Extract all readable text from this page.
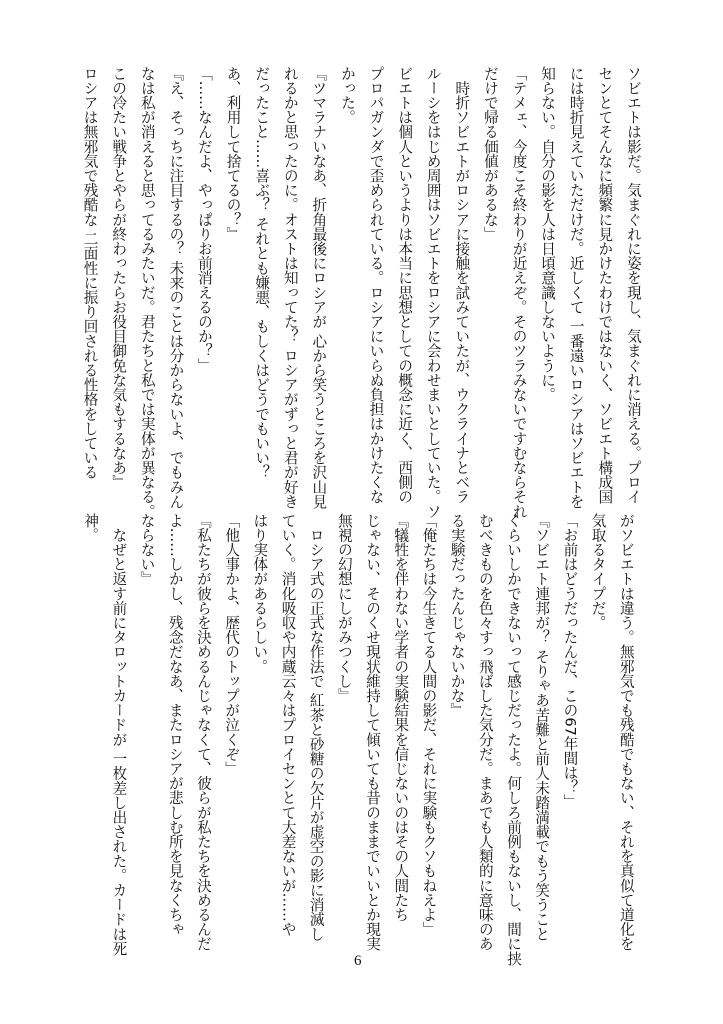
ソビエトは影だ。気まぐれに姿を現し、気まぐれに消える。プロイ
センとてそんなに頻繁に見かけたわけではないく、ソビエト構成国
には時折見えていただけだ。近しくて 一番遠いロシアはソビエトを
知らない。自分の影を人は日頃意識しないように。
「テメェ、今度こそ終わりが近えぞ。そのツラみないですむならそれ
だけで帰る価値があるな」
　時折ソビエトがロシアに接触を試みていたが、ウクライナとベラ
ルーシをはじめ周囲はソビエトをロシアに会わせまいとしていた。ソ
ビエトは個人というよりは本当に思想としての概念に近く、西側の
プロパガンダで歪められている。ロシアにいらぬ負担はかけたくな
かった。
『ツマラナいなあ、折角最後にロシアが 心から笑うところを沢山見
れるかと思ったのに。オストは知ってた？ ロシアがずっと君が好き
だったこと……喜ぶ？ それとも嫌悪、もしくはどうでもいい？
あ、利用して捨てるの？』
「……なんだよ、やっぱりお前消えるのか？」
『え、そっちに注目するの？ 未来のことは分からないよ、でもみん
なは私が消えると思ってるみたいだ。君たちと私では実体が異なる。
この冷たい戦争とやらが終わったらお役目御免な気もするなあ』
ロシアは無邪気で残酷な 二面性に振り回される性格をしている
がソビエトは違う。無邪気でも残酷でもない、それを真似て道化を
気取るタイプだ。
「お前はどうだったんだ、この67年間は？」
『ソビエト連邦が？ そりゃあ苦難と前人未踏満載でもう笑うこと
くらいしかできないって感じだったよ。何しろ前例もないし、間に挟
むべきものを色々すっ飛ばした気分だ。まあでも人類的に意味のあ
る実験だったんじゃないかな』
「俺たちは今生きてる人間の影だ、それに実験もクソもねえよ」
『犠牲を伴わない学者の実験結果を信じないのはその人間たち
じゃない、そのくせ現状維持して傾いても昔のままでいいとか現実
無視の幻想にしがみつくし』
　ロシア式の正式な作法で 紅茶と砂糖の欠片が虚空の影に消滅し
ていく。消化吸収や内蔵云々はプロイセンとて大差ないが……や
はり実体があるらしい。
「他人事かよ、歴代のトップが泣くぞ」
『私たちが彼らを決めるんじゃなくて、彼らが私たちを決めるんだ
よ……しかし、残念だなあ、またロシアが悲しむ所を見なくちゃ
ならない』
　なぜと返す前にタロットカードが 一枚差し出された。カードは死
神。
6
